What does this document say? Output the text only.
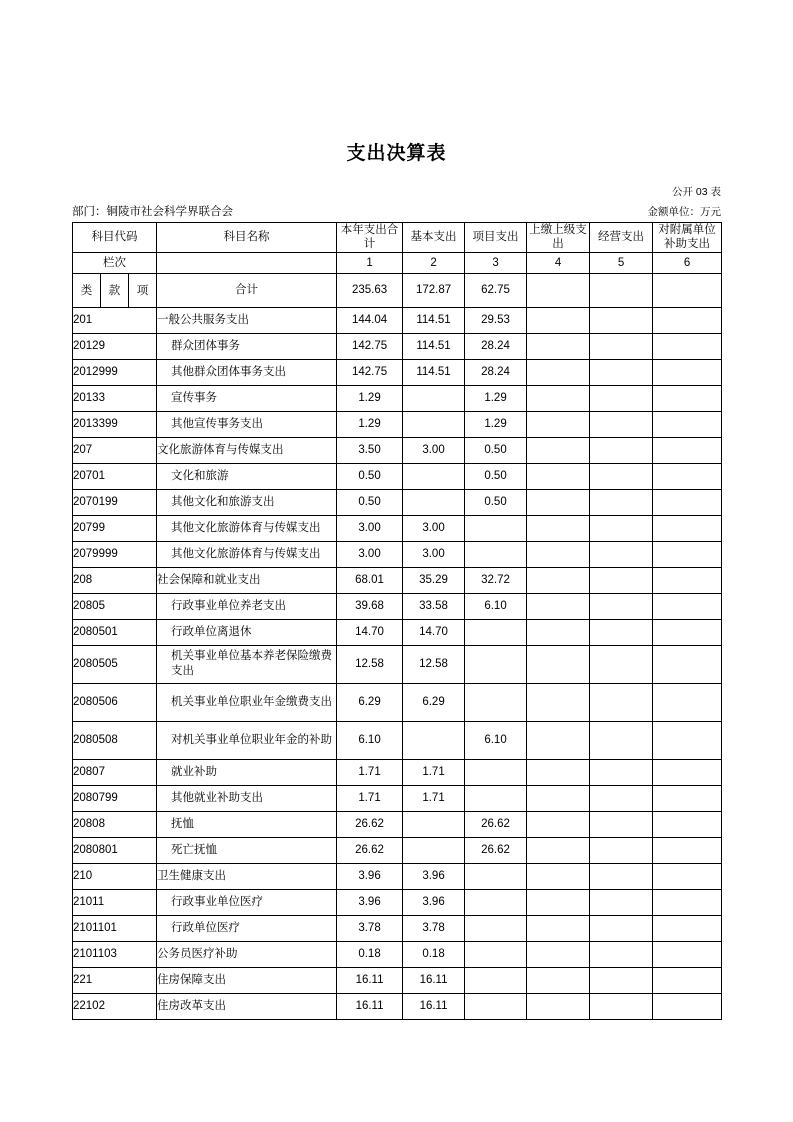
支出决算表
公开 03 表
部门：铜陵市社会科学界联合会	金额单位：万元
科目代码			科目名称	本年支出合计	基本支出	项目支出	上缴上级支出	经营支出	对附属单位补助支出
栏次				1	2	3	4	5	6
类	款	项	合计	235.63	172.87	62.75			
201			一般公共服务支出	144.04	114.51	29.53			
20129			群众团体事务	142.75	114.51	28.24			
2012999			其他群众团体事务支出	142.75	114.51	28.24			
20133			宣传事务	1.29		1.29			
2013399			其他宣传事务支出	1.29		1.29			
207			文化旅游体育与传媒支出	3.50	3.00	0.50			
20701			文化和旅游	0.50		0.50			
2070199			其他文化和旅游支出	0.50		0.50			
20799			其他文化旅游体育与传媒支出	3.00	3.00				
2079999			其他文化旅游体育与传媒支出	3.00	3.00				
208			社会保障和就业支出	68.01	35.29	32.72			
20805			行政事业单位养老支出	39.68	33.58	6.10			
2080501			行政单位离退休	14.70	14.70				
2080505			机关事业单位基本养老保险缴费支出	12.58	12.58				
2080506			机关事业单位职业年金缴费支出	6.29	6.29				
2080508			对机关事业单位职业年金的补助	6.10		6.10			
20807			就业补助	1.71	1.71				
2080799			其他就业补助支出	1.71	1.71				
20808			抚恤	26.62		26.62			
2080801			死亡抚恤	26.62		26.62			
210			卫生健康支出	3.96	3.96				
21011			行政事业单位医疗	3.96	3.96				
2101101			行政单位医疗	3.78	3.78				
2101103			公务员医疗补助	0.18	0.18				
221			住房保障支出	16.11	16.11				
22102			住房改革支出	16.11	16.11				
